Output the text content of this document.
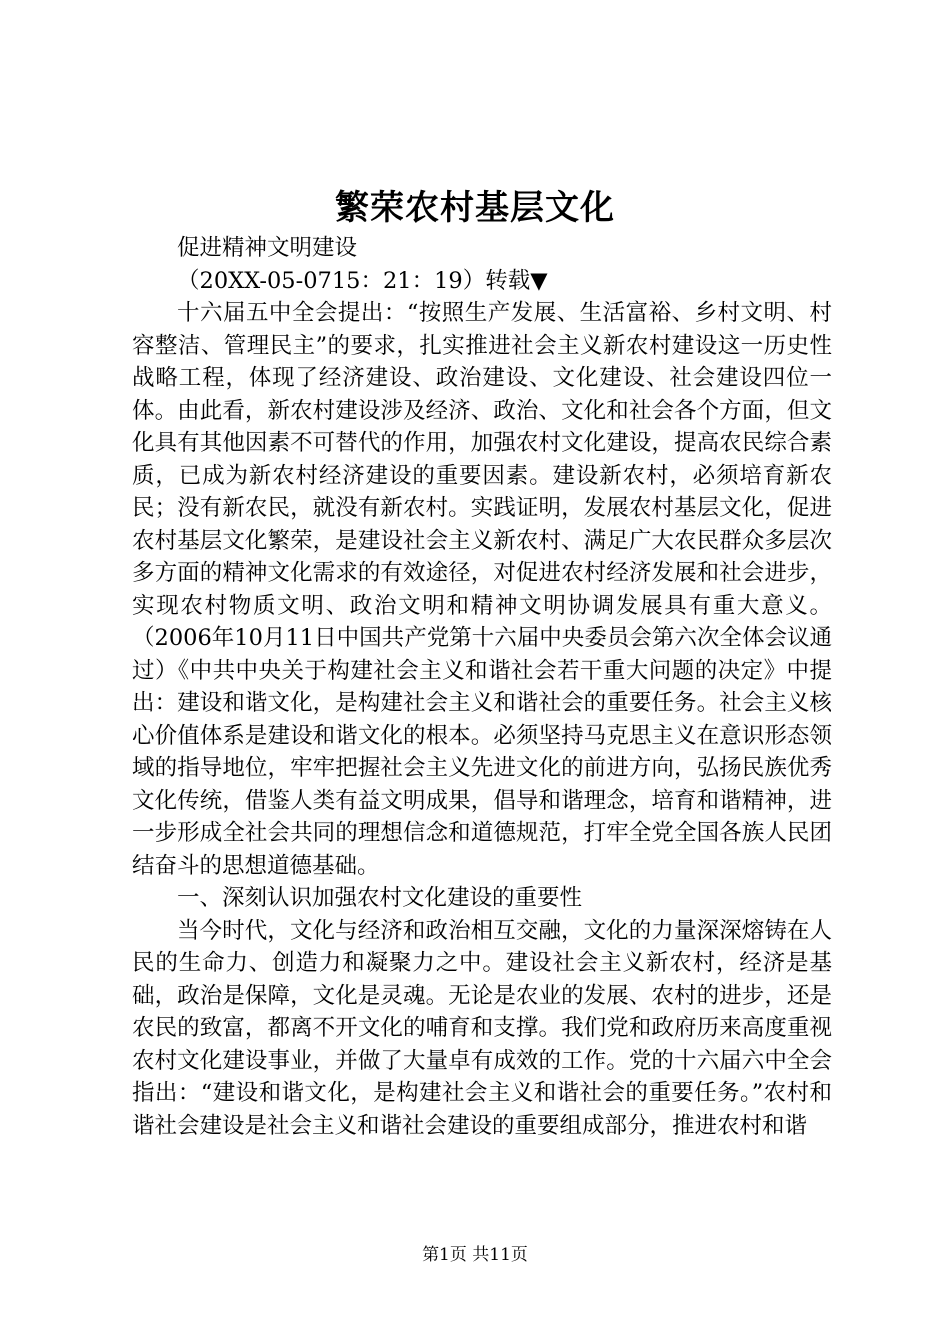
繁荣农村基层文化

促进精神文明建设

（20XX-05-0715：21：19）转载▼

十六届五中全会提出：“按照生产发展、生活富裕、乡村文明、村容整洁、管理民主”的要求，扎实推进社会主义新农村建设这一历史性战略工程，体现了经济建设、政治建设、文化建设、社会建设四位一体。由此看，新农村建设涉及经济、政治、文化和社会各个方面，但文化具有其他因素不可替代的作用，加强农村文化建设，提高农民综合素质，已成为新农村经济建设的重要因素。建设新农村，必须培育新农民；没有新农民，就没有新农村。实践证明，发展农村基层文化，促进农村基层文化繁荣，是建设社会主义新农村、满足广大农民群众多层次多方面的精神文化需求的有效途径，对促进农村经济发展和社会进步，实现农村物质文明、政治文明和精神文明协调发展具有重大意义。（2006年10月11日中国共产党第十六届中央委员会第六次全体会议通过）《中共中央关于构建社会主义和谐社会若干重大问题的决定》中提出：建设和谐文化，是构建社会主义和谐社会的重要任务。社会主义核心价值体系是建设和谐文化的根本。必须坚持马克思主义在意识形态领域的指导地位，牢牢把握社会主义先进文化的前进方向，弘扬民族优秀文化传统，借鉴人类有益文明成果，倡导和谐理念，培育和谐精神，进一步形成全社会共同的理想信念和道德规范，打牢全党全国各族人民团结奋斗的思想道德基础。

一、深刻认识加强农村文化建设的重要性

当今时代，文化与经济和政治相互交融，文化的力量深深熔铸在人民的生命力、创造力和凝聚力之中。建设社会主义新农村，经济是基础，政治是保障，文化是灵魂。无论是农业的发展、农村的进步，还是农民的致富，都离不开文化的哺育和支撑。我们党和政府历来高度重视农村文化建设事业，并做了大量卓有成效的工作。党的十六届六中全会指出：“建设和谐文化，是构建社会主义和谐社会的重要任务。”农村和谐社会建设是社会主义和谐社会建设的重要组成部分，推进农村和谐

第1页 共11页
